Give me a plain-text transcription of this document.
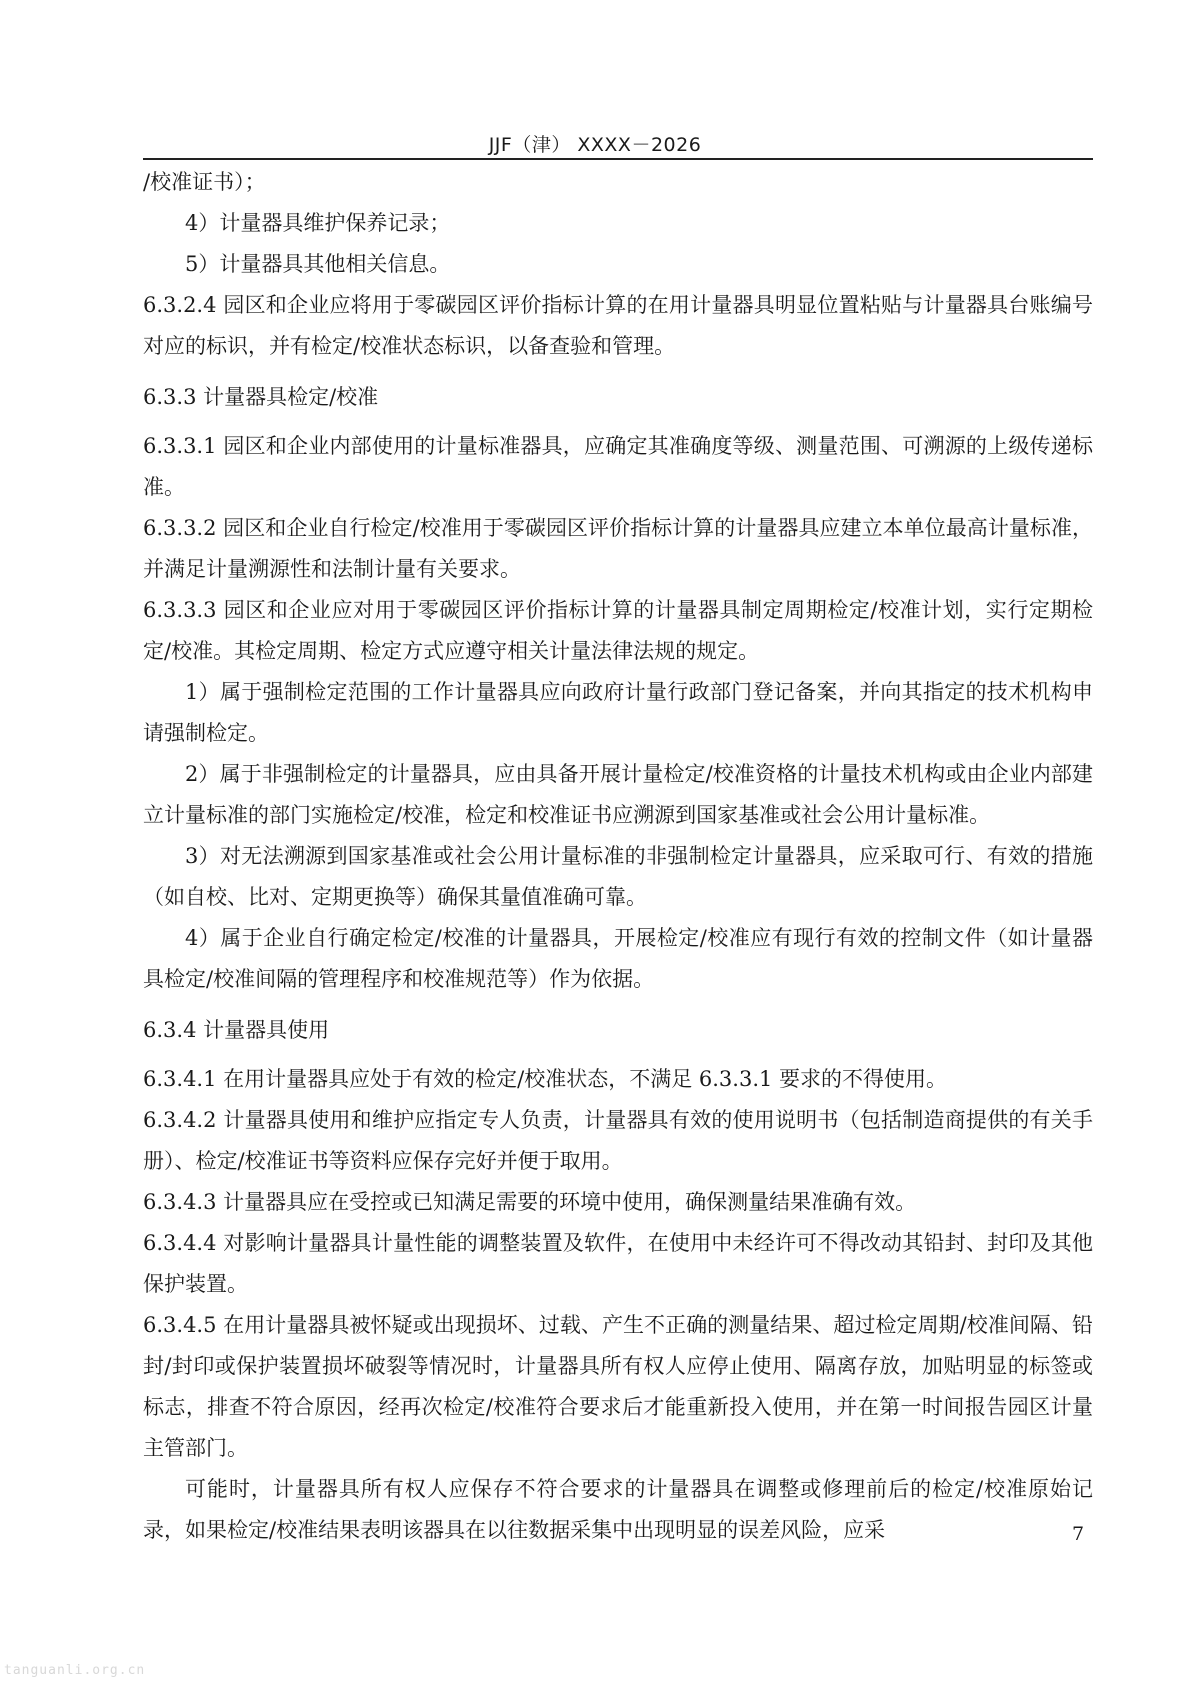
JJF（津） XXXX－2026

/校准证书）；

4）计量器具维护保养记录；

5）计量器具其他相关信息。

6.3.2.4 园区和企业应将用于零碳园区评价指标计算的在用计量器具明显位置粘贴与计量器具台账编号对应的标识，并有检定/校准状态标识，以备查验和管理。

6.3.3 计量器具检定/校准

6.3.3.1 园区和企业内部使用的计量标准器具，应确定其准确度等级、测量范围、可溯源的上级传递标准。

6.3.3.2 园区和企业自行检定/校准用于零碳园区评价指标计算的计量器具应建立本单位最高计量标准，并满足计量溯源性和法制计量有关要求。

6.3.3.3 园区和企业应对用于零碳园区评价指标计算的计量器具制定周期检定/校准计划，实行定期检定/校准。其检定周期、检定方式应遵守相关计量法律法规的规定。

1）属于强制检定范围的工作计量器具应向政府计量行政部门登记备案，并向其指定的技术机构申请强制检定。

2）属于非强制检定的计量器具，应由具备开展计量检定/校准资格的计量技术机构或由企业内部建立计量标准的部门实施检定/校准，检定和校准证书应溯源到国家基准或社会公用计量标准。

3）对无法溯源到国家基准或社会公用计量标准的非强制检定计量器具，应采取可行、有效的措施（如自校、比对、定期更换等）确保其量值准确可靠。

4）属于企业自行确定检定/校准的计量器具，开展检定/校准应有现行有效的控制文件（如计量器具检定/校准间隔的管理程序和校准规范等）作为依据。

6.3.4 计量器具使用

6.3.4.1 在用计量器具应处于有效的检定/校准状态，不满足 6.3.3.1 要求的不得使用。

6.3.4.2 计量器具使用和维护应指定专人负责，计量器具有效的使用说明书（包括制造商提供的有关手册）、检定/校准证书等资料应保存完好并便于取用。

6.3.4.3 计量器具应在受控或已知满足需要的环境中使用，确保测量结果准确有效。

6.3.4.4 对影响计量器具计量性能的调整装置及软件，在使用中未经许可不得改动其铅封、封印及其他保护装置。

6.3.4.5 在用计量器具被怀疑或出现损坏、过载、产生不正确的测量结果、超过检定周期/校准间隔、铅封/封印或保护装置损坏破裂等情况时，计量器具所有权人应停止使用、隔离存放，加贴明显的标签或标志，排查不符合原因，经再次检定/校准符合要求后才能重新投入使用，并在第一时间报告园区计量主管部门。

可能时，计量器具所有权人应保存不符合要求的计量器具在调整或修理前后的检定/校准原始记录，如果检定/校准结果表明该器具在以往数据采集中出现明显的误差风险，应采	7
tanguanli.org.cn
